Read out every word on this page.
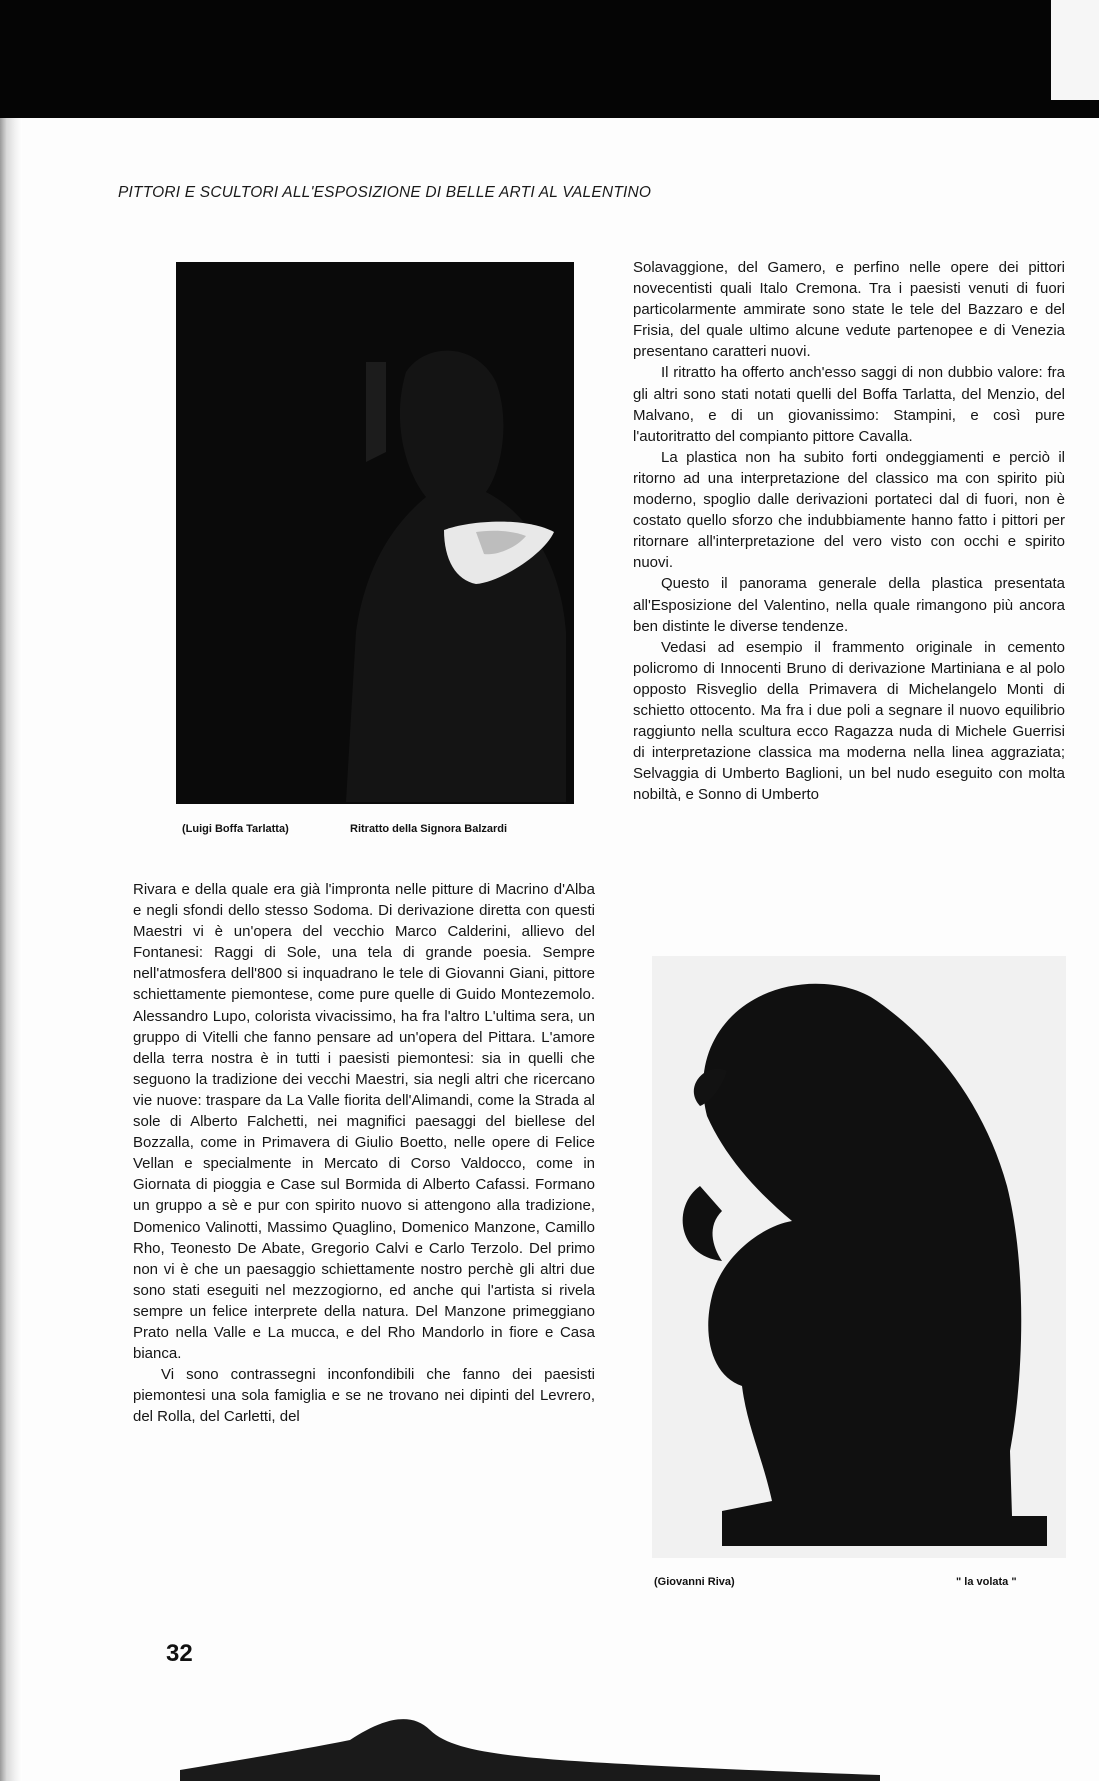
PITTORI E SCULTORI ALL'ESPOSIZIONE DI BELLE ARTI AL VALENTINO
(Luigi Boffa Tarlatta)	Ritratto della Signora Balzardi

Solavaggione, del Gamero, e perfino nelle opere dei pittori novecentisti quali Italo Cremona. Tra i paesisti venuti di fuori particolarmente ammirate sono state le tele del Bazzaro e del Frisia, del quale ultimo alcune vedute partenopee e di Venezia presentano caratteri nuovi.

Il ritratto ha offerto anch'esso saggi di non dubbio valore: fra gli altri sono stati notati quelli del Boffa Tarlatta, del Menzio, del Malvano, e di un giovanissimo: Stampini, e così pure l'autoritratto del compianto pittore Cavalla.

La plastica non ha subito forti ondeggiamenti e perciò il ritorno ad una interpretazione del classico ma con spirito più moderno, spoglio dalle derivazioni portateci dal di fuori, non è costato quello sforzo che indubbiamente hanno fatto i pittori per ritornare all'interpretazione del vero visto con occhi e spirito nuovi.

Questo il panorama generale della plastica presentata all'Esposizione del Valentino, nella quale rimangono più ancora ben distinte le diverse tendenze.

Vedasi ad esempio il frammento originale in cemento policromo di Innocenti Bruno di derivazione Martiniana e al polo opposto Risveglio della Primavera di Michelangelo Monti di schietto ottocento. Ma fra i due poli a segnare il nuovo equilibrio raggiunto nella scultura ecco Ragazza nuda di Michele Guerrisi di interpretazione classica ma moderna nella linea aggraziata; Selvaggia di Umberto Baglioni, un bel nudo eseguito con molta nobiltà, e Sonno di Umberto

Rivara e della quale era già l'impronta nelle pitture di Macrino d'Alba e negli sfondi dello stesso Sodoma. Di derivazione diretta con questi Maestri vi è un'opera del vecchio Marco Calderini, allievo del Fontanesi: Raggi di Sole, una tela di grande poesia. Sempre nell'atmosfera dell'800 si inquadrano le tele di Giovanni Giani, pittore schiettamente piemontese, come pure quelle di Guido Montezemolo. Alessandro Lupo, colorista vivacissimo, ha fra l'altro L'ultima sera, un gruppo di Vitelli che fanno pensare ad un'opera del Pittara. L'amore della terra nostra è in tutti i paesisti piemontesi: sia in quelli che seguono la tradizione dei vecchi Maestri, sia negli altri che ricercano vie nuove: traspare da La Valle fiorita dell'Alimandi, come la Strada al sole di Alberto Falchetti, nei magnifici paesaggi del biellese del Bozzalla, come in Primavera di Giulio Boetto, nelle opere di Felice Vellan e specialmente in Mercato di Corso Valdocco, come in Giornata di pioggia e Case sul Bormida di Alberto Cafassi. Formano un gruppo a sè e pur con spirito nuovo si attengono alla tradizione, Domenico Valinotti, Massimo Quaglino, Domenico Manzone, Camillo Rho, Teonesto De Abate, Gregorio Calvi e Carlo Terzolo. Del primo non vi è che un paesaggio schiettamente nostro perchè gli altri due sono stati eseguiti nel mezzogiorno, ed anche qui l'artista si rivela sempre un felice interprete della natura. Del Manzone primeggiano Prato nella Valle e La mucca, e del Rho Mandorlo in fiore e Casa bianca.

Vi sono contrassegni inconfondibili che fanno dei paesisti piemontesi una sola famiglia e se ne trovano nei dipinti del Levrero, del Rolla, del Carletti, del

(Giovanni Riva)	" la volata "
32
